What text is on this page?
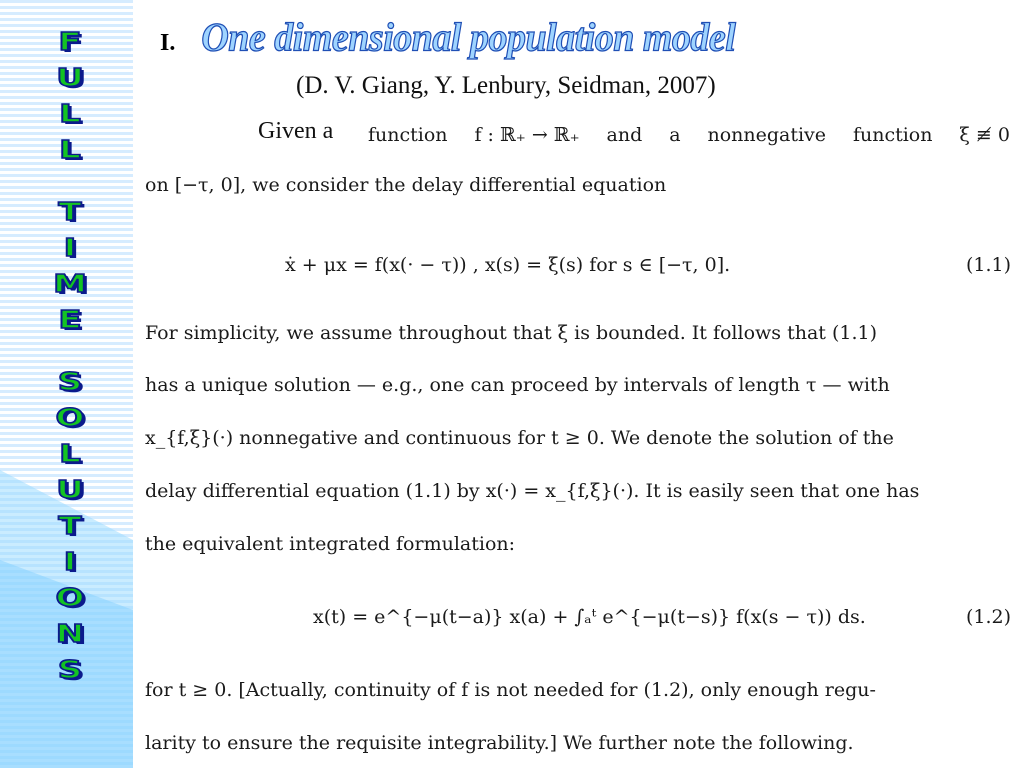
F
U
L
L
T
I
M
E
S
O
L
U
T
I
O
N
S
I. One dimensional population model
(D. V. Giang, Y. Lenbury, Seidman, 2007)
Given a function f : ℝ₊ → ℝ₊ and a nonnegative function ξ ≢ 0
on [−τ, 0], we consider the delay differential equation
ẋ + μx = f(x(· − τ)) , x(s) = ξ(s) for s ∈ [−τ, 0].	(1.1)
For simplicity, we assume throughout that ξ is bounded. It follows that (1.1)
has a unique solution — e.g., one can proceed by intervals of length τ — with
x_{f,ξ}(·) nonnegative and continuous for t ≥ 0. We denote the solution of the
delay differential equation (1.1) by x(·) = x_{f,ξ}(·). It is easily seen that one has
the equivalent integrated formulation:
x(t) = e^{−μ(t−a)} x(a) + ∫ₐᵗ e^{−μ(t−s)} f(x(s − τ)) ds.	(1.2)
for t ≥ 0. [Actually, continuity of f is not needed for (1.2), only enough regu-
larity to ensure the requisite integrability.] We further note the following.
